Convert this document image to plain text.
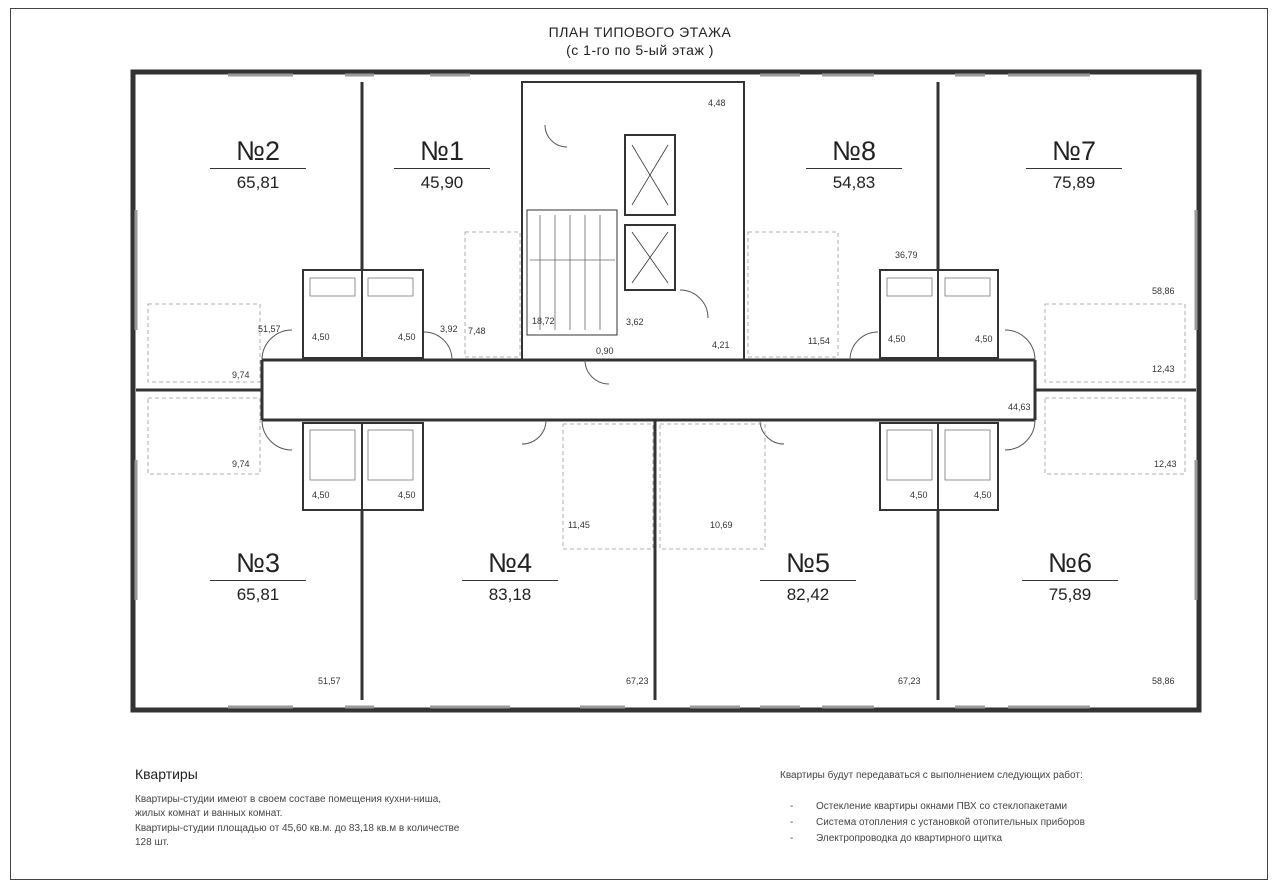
ПЛАН ТИПОВОГО ЭТАЖА
(с 1-го по 5-ый этаж )
№2
65,81
№1
45,90
№8
54,83
№7
75,89
№3
65,81
№4
83,18
№5
82,42
№6
75,89
51,57
4,50	4,50
3,92 7,48
18,72	3,62
0,90
4,21	11,54	4,50	4,50
36,79
58,86
9,74
12,43
44,63
9,74
4,50	4,50
11,45	10,69
4,50	4,50
12,43
51,57	67,23	67,23	58,86
4,48
Квартиры
Квартиры-студии имеют в своем составе помещения кухни-ниша,
жилых комнат и ванных комнат.
Квартиры-студии площадью от 45,60 кв.м. до 83,18 кв.м в количестве
128 шт.
Квартиры будут передаваться с выполнением следующих работ:
- Остекление квартиры окнами ПВХ со стеклопакетами
- Система отопления с установкой отопительных приборов
- Электропроводка до квартирного щитка
